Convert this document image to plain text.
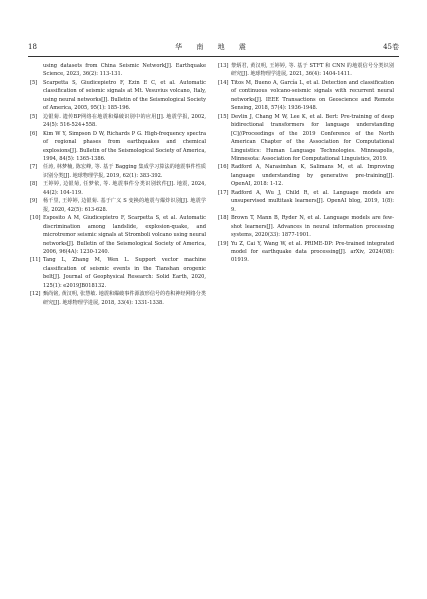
18	华 南 地 震	45卷
using datasets from China Seismic Network[J]. Earthquake Science, 2023, 36(2): 113-131.
[5]	Scarpetta S, Giudicepietro F, Ezin E C, et al. Automatic classification of seismic signals at Mt. Vesuvius volcano, Italy, using neural networks[J]. Bulletin of the Seismological Society of America, 2005, 95(1): 185-196.
[5]	边银菊. 遗传BP网络在地震和爆破识别中的应用[J]. 地震学报, 2002, 24(5): 516-524+558.
[6]	Kim W Y, Simpson D W, Richards P G. High-frequency spectra of regional phases from earthquakes and chemical explosions[J]. Bulletin of the Seismological Society of America, 1994, 84(5): 1365-1386.
[7]	任涛, 林梦楠, 陈宏峰, 等. 基于 Bagging 集成学习算法的地震事件性质识别分类[J]. 地球物理学报, 2019, 62(1): 383-392.
[8]	王婷婷, 边银菊, 任梦依, 等. 地震事件分类识别软件[J]. 地震, 2024, 44(2): 104-119.
[9]	杨千里, 王婷婷, 边银菊. 基于广义 S 变换的地震与爆炸识别[J]. 地震学报, 2020, 42(5): 613-628.
[10] Esposito A M, Giudicepietro F, Scarpetta S, et al. Automatic discrimination among landslide, explosion-quake, and microtremor seismic signals at Stromboli volcano using neural networks[J]. Bulletin of the Seismological Society of America, 2006, 96(4A): 1230-1240.
[11] Tang L, Zhang M, Wen L. Support vector machine classification of seismic events in the Tianshan orogenic belt[J]. Journal of Geophysical Research: Solid Earth, 2020, 125(1): e2019JB018132.
[12] 甄尚铭, 黄汉明, 张慧敏. 地震和爆破事件源波形信号的卷积神经网络分类研究[J]. 地球物理学进展, 2018, 33(4): 1331-1338.
[13] 黎炳君, 黄汉明, 王婷婷, 等. 基于 STFT 和 CNN 的地震信号分类识别研究[J]. 地球物理学进展, 2021, 36(4): 1404-1411.
[14] Titos M, Bueno A, García L, et al. Detection and classification of continuous volcano-seismic signals with recurrent neural networks[J]. IEEE Transactions on Geoscience and Remote Sensing, 2018, 57(4): 1936-1948.
[15] Devlin J, Chang M W, Lee K, et al. Bert: Pre-training of deep bidirectional transformers for language understanding [C]//Proceedings of the 2019 Conference of the North American Chapter of the Association for Computational Linguistics: Human Language Technologies. Minneapolis, Minnesota: Association for Computational Linguistics, 2019.
[16] Radford A, Narasimhan K, Salimans M, et al. Improving language understanding by generative pre-training[J]. OpenAI, 2018: 1-12.
[17] Radford A, Wu J, Child R, et al. Language models are unsupervised multitask learners[J]. OpenAI blog, 2019, 1(8): 9.
[18] Brown T, Mann B, Ryder N, et al. Language models are few-shot learners[J]. Advances in neural information processing systems, 2020(33): 1877-1901.
[19] Yu Z, Cai Y, Wang W, et al. PRIME-DP: Pre-trained integrated model for earthquake data processing[J]. arXiv, 2024(08): 01919.
